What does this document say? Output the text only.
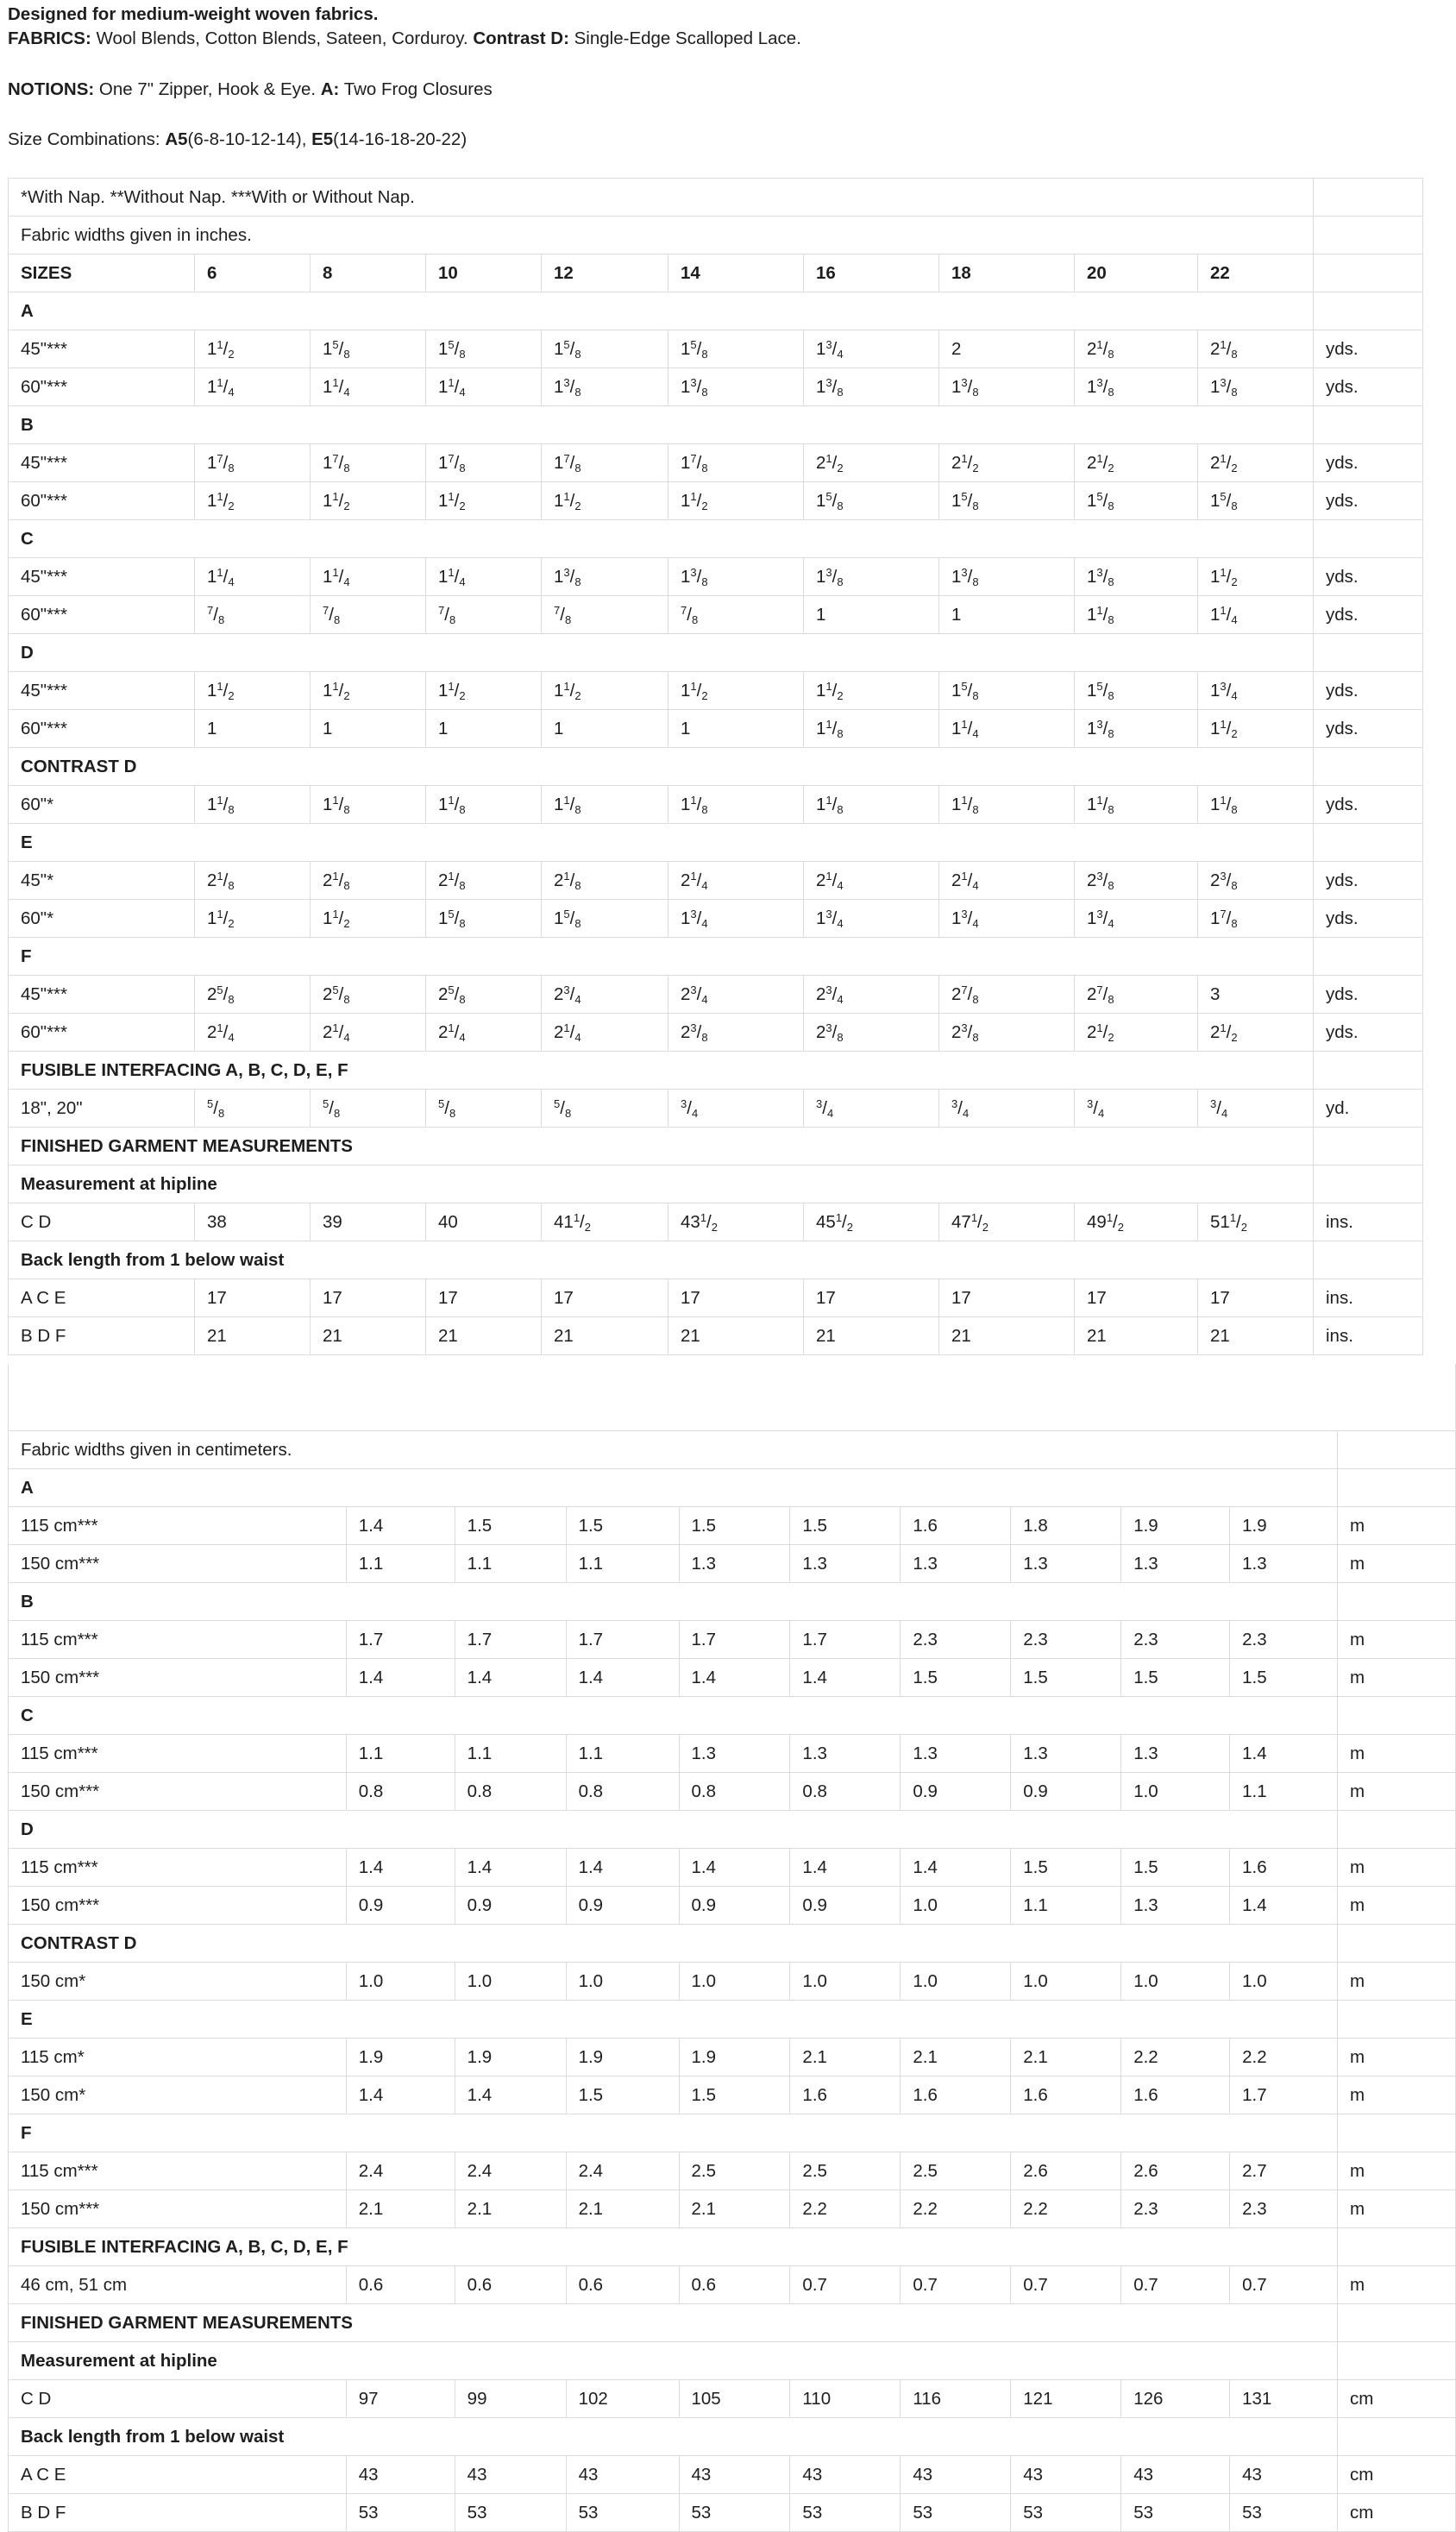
Designed for medium-weight woven fabrics.

FABRICS: Wool Blends, Cotton Blends, Sateen, Corduroy. Contrast D: Single-Edge Scalloped Lace.

NOTIONS: One 7" Zipper, Hook & Eye. A: Two Frog Closures

Size Combinations: A5(6-8-10-12-14), E5(14-16-18-20-22)

*With Nap. **Without Nap. ***With or Without Nap.										
Fabric widths given in inches.										
SIZES	6	8	10	12	14	16	18	20	22	
A										
45"***	$1^1/_2$	$1^5/_8$	$1^5/_8$	$1^5/_8$	$1^5/_8$	$1^3/_4$	2	$2^1/_8$	$2^1/_8$	yds.
60"***	$1^1/_4$	$1^1/_4$	$1^1/_4$	$1^3/_8$	$1^3/_8$	$1^3/_8$	$1^3/_8$	$1^3/_8$	$1^3/_8$	yds.
B										
45"***	$1^7/_8$	$1^7/_8$	$1^7/_8$	$1^7/_8$	$1^7/_8$	$2^1/_2$	$2^1/_2$	$2^1/_2$	$2^1/_2$	yds.
60"***	$1^1/_2$	$1^1/_2$	$1^1/_2$	$1^1/_2$	$1^1/_2$	$1^5/_8$	$1^5/_8$	$1^5/_8$	$1^5/_8$	yds.
C										
45"***	$1^1/_4$	$1^1/_4$	$1^1/_4$	$1^3/_8$	$1^3/_8$	$1^3/_8$	$1^3/_8$	$1^3/_8$	$1^1/_2$	yds.
60"***	$^7/_8$	$^7/_8$	$^7/_8$	$^7/_8$	$^7/_8$	1	1	$1^1/_8$	$1^1/_4$	yds.
D										
45"***	$1^1/_2$	$1^1/_2$	$1^1/_2$	$1^1/_2$	$1^1/_2$	$1^1/_2$	$1^5/_8$	$1^5/_8$	$1^3/_4$	yds.
60"***	1	1	1	1	1	$1^1/_8$	$1^1/_4$	$1^3/_8$	$1^1/_2$	yds.
CONTRAST D										
60"*	$1^1/_8$	$1^1/_8$	$1^1/_8$	$1^1/_8$	$1^1/_8$	$1^1/_8$	$1^1/_8$	$1^1/_8$	$1^1/_8$	yds.
E										
45"*	$2^1/_8$	$2^1/_8$	$2^1/_8$	$2^1/_8$	$2^1/_4$	$2^1/_4$	$2^1/_4$	$2^3/_8$	$2^3/_8$	yds.
60"*	$1^1/_2$	$1^1/_2$	$1^5/_8$	$1^5/_8$	$1^3/_4$	$1^3/_4$	$1^3/_4$	$1^3/_4$	$1^7/_8$	yds.
F										
45"***	$2^5/_8$	$2^5/_8$	$2^5/_8$	$2^3/_4$	$2^3/_4$	$2^3/_4$	$2^7/_8$	$2^7/_8$	3	yds.
60"***	$2^1/_4$	$2^1/_4$	$2^1/_4$	$2^1/_4$	$2^3/_8$	$2^3/_8$	$2^3/_8$	$2^1/_2$	$2^1/_2$	yds.
FUSIBLE INTERFACING A, B, C, D, E, F										
18", 20"	$^5/_8$	$^5/_8$	$^5/_8$	$^5/_8$	$^3/_4$	$^3/_4$	$^3/_4$	$^3/_4$	$^3/_4$	yd.
FINISHED GARMENT MEASUREMENTS										
Measurement at hipline										
C D	38	39	40	$41^1/_2$	$43^1/_2$	$45^1/_2$	$47^1/_2$	$49^1/_2$	$51^1/_2$	ins.
Back length from 1 below waist										
A C E	17	17	17	17	17	17	17	17	17	ins.
B D F	21	21	21	21	21	21	21	21	21	ins.
Fabric widths given in centimeters.										
A										
115 cm***	1.4	1.5	1.5	1.5	1.5	1.6	1.8	1.9	1.9	m
150 cm***	1.1	1.1	1.1	1.3	1.3	1.3	1.3	1.3	1.3	m
B										
115 cm***	1.7	1.7	1.7	1.7	1.7	2.3	2.3	2.3	2.3	m
150 cm***	1.4	1.4	1.4	1.4	1.4	1.5	1.5	1.5	1.5	m
C										
115 cm***	1.1	1.1	1.1	1.3	1.3	1.3	1.3	1.3	1.4	m
150 cm***	0.8	0.8	0.8	0.8	0.8	0.9	0.9	1.0	1.1	m
D										
115 cm***	1.4	1.4	1.4	1.4	1.4	1.4	1.5	1.5	1.6	m
150 cm***	0.9	0.9	0.9	0.9	0.9	1.0	1.1	1.3	1.4	m
CONTRAST D										
150 cm*	1.0	1.0	1.0	1.0	1.0	1.0	1.0	1.0	1.0	m
E										
115 cm*	1.9	1.9	1.9	1.9	2.1	2.1	2.1	2.2	2.2	m
150 cm*	1.4	1.4	1.5	1.5	1.6	1.6	1.6	1.6	1.7	m
F										
115 cm***	2.4	2.4	2.4	2.5	2.5	2.5	2.6	2.6	2.7	m
150 cm***	2.1	2.1	2.1	2.1	2.2	2.2	2.2	2.3	2.3	m
FUSIBLE INTERFACING A, B, C, D, E, F										
46 cm, 51 cm	0.6	0.6	0.6	0.6	0.7	0.7	0.7	0.7	0.7	m
FINISHED GARMENT MEASUREMENTS										
Measurement at hipline										
C D	97	99	102	105	110	116	121	126	131	cm
Back length from 1 below waist										
A C E	43	43	43	43	43	43	43	43	43	cm
B D F	53	53	53	53	53	53	53	53	53	cm
